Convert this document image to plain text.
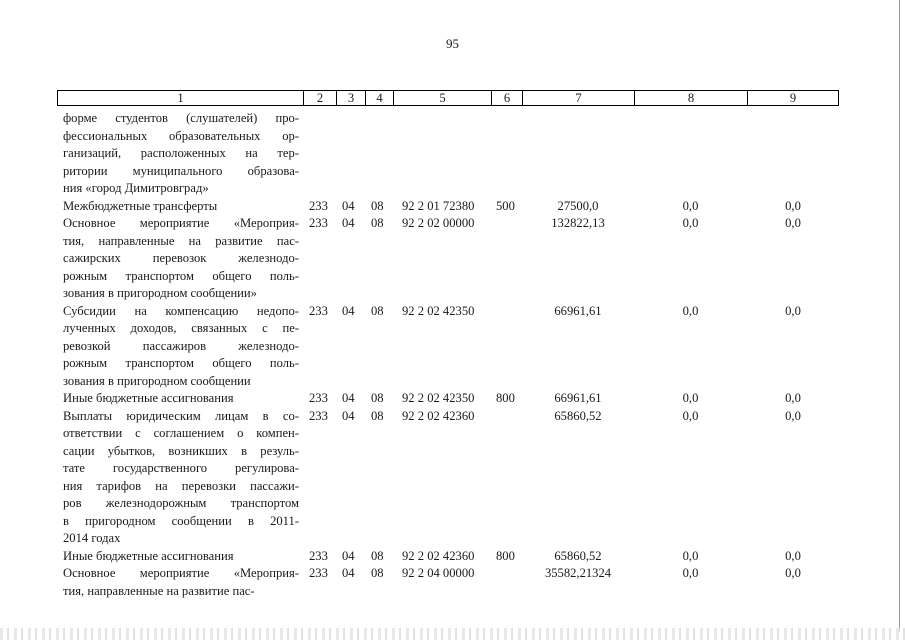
95
1	2	3	4	5	6	7	8	9
форме студентов (слушателей) про-
фессиональных образовательных ор-
ганизаций, расположенных на тер-
ритории муниципального образова-
ния «город Димитровград»
Межбюджетные трансферты	233 04 08 92 2 01 72380 500	27500,0	0,0	0,0
Основное мероприятие «Мероприя-
тия, направленные на развитие пас-
сажирских перевозок железнодо-
рожным транспортом общего поль-
зования в пригородном сообщении»
233 04 08 92 2 02 00000	132822,13	0,0	0,0
Субсидии на компенсацию недопо-
лученных доходов, связанных с пе-
ревозкой пассажиров железнодо-
рожным транспортом общего поль-
зования в пригородном сообщении
233 04 08 92 2 02 42350	66961,61	0,0	0,0
Иные бюджетные ассигнования	233 04 08 92 2 02 42350 800	66961,61	0,0	0,0
Выплаты юридическим лицам в со-
ответствии с соглашением о компен-
сации убытков, возникших в резуль-
тате государственного регулирова-
ния тарифов на перевозки пассажи-
ров железнодорожным транспортом
в пригородном сообщении в 2011-
2014 годах
233 04 08 92 2 02 42360	65860,52	0,0	0,0
Иные бюджетные ассигнования	233 04 08 92 2 02 42360 800	65860,52	0,0	0,0
Основное мероприятие «Мероприя-
тия, направленные на развитие пас-
233 04 08 92 2 04 00000	35582,21324	0,0	0,0
